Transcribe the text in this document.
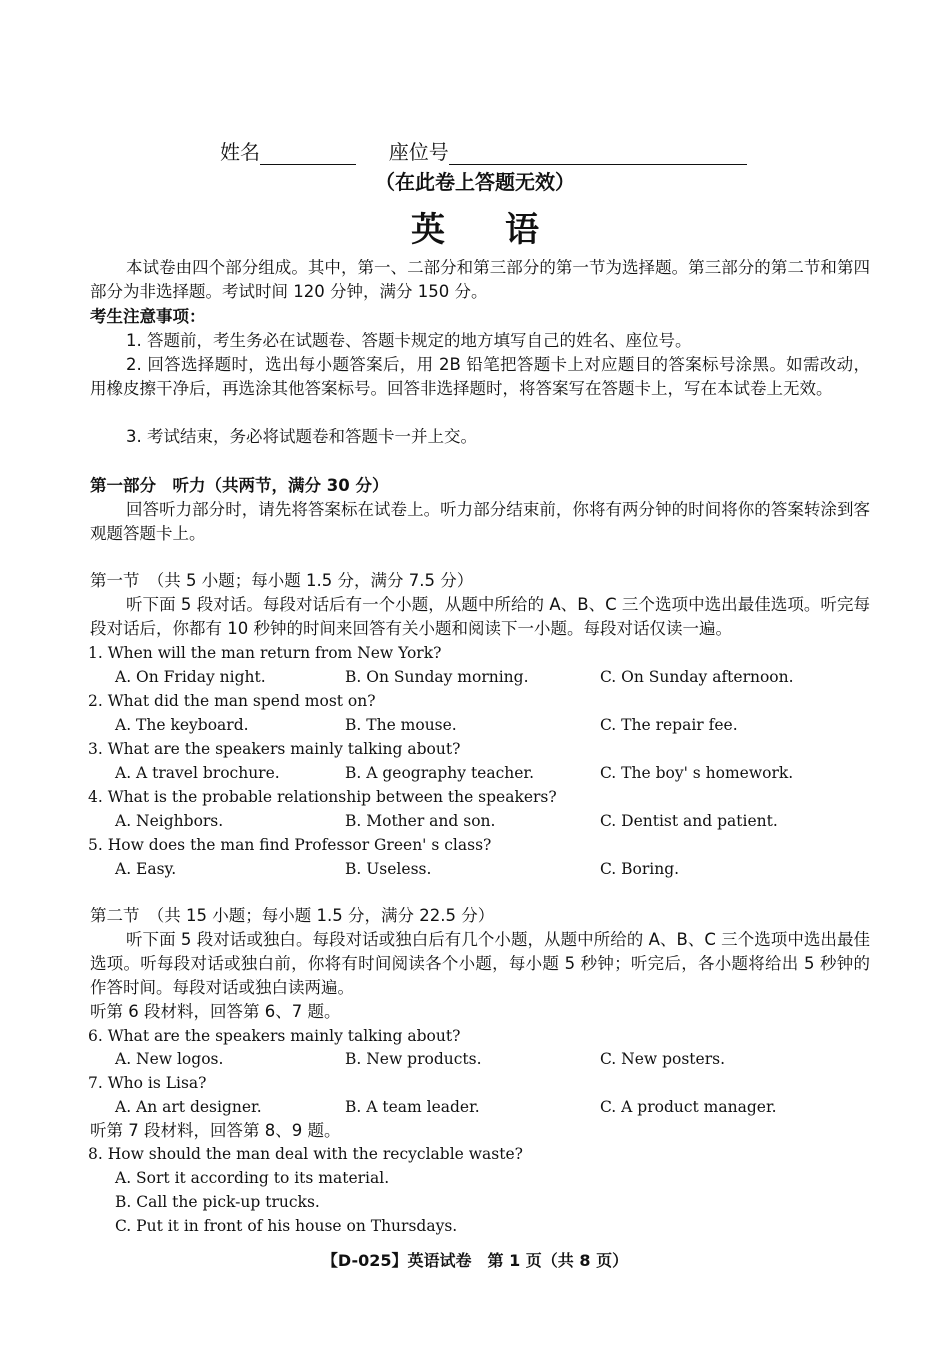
姓名	座位号
（在此卷上答题无效）
英语
本试卷由四个部分组成。其中，第一、二部分和第三部分的第一节为选择题。第三部分的第二节和第四部分为非选择题。考试时间 120 分钟，满分 150 分。
考生注意事项：
1. 答题前，考生务必在试题卷、答题卡规定的地方填写自己的姓名、座位号。
2. 回答选择题时，选出每小题答案后，用 2B 铅笔把答题卡上对应题目的答案标号涂黑。如需改动，用橡皮擦干净后，再选涂其他答案标号。回答非选择题时，将答案写在答题卡上，写在本试卷上无效。
3. 考试结束，务必将试题卷和答题卡一并上交。
第一部分　听力（共两节，满分 30 分）
回答听力部分时，请先将答案标在试卷上。听力部分结束前，你将有两分钟的时间将你的答案转涂到客观题答题卡上。
第一节　（共 5 小题；每小题 1.5 分，满分 7.5 分）
听下面 5 段对话。每段对话后有一个小题，从题中所给的 A、B、C 三个选项中选出最佳选项。听完每段对话后，你都有 10 秒钟的时间来回答有关小题和阅读下一小题。每段对话仅读一遍。
1. When will the man return from New York?
A. On Friday night.	B. On Sunday morning.	C. On Sunday afternoon.
2. What did the man spend most on?
A. The keyboard.	B. The mouse.	C. The repair fee.
3. What are the speakers mainly talking about?
A. A travel brochure.	B. A geography teacher.	C. The boy' s homework.
4. What is the probable relationship between the speakers?
A. Neighbors.	B. Mother and son.	C. Dentist and patient.
5. How does the man find Professor Green' s class?
A. Easy.	B. Useless.	C. Boring.
第二节　（共 15 小题；每小题 1.5 分，满分 22.5 分）
听下面 5 段对话或独白。每段对话或独白后有几个小题，从题中所给的 A、B、C 三个选项中选出最佳选项。听每段对话或独白前，你将有时间阅读各个小题，每小题 5 秒钟；听完后，各小题将给出 5 秒钟的作答时间。每段对话或独白读两遍。
听第 6 段材料，回答第 6、7 题。
6. What are the speakers mainly talking about?
A. New logos.	B. New products.	C. New posters.
7. Who is Lisa?
A. An art designer.	B. A team leader.	C. A product manager.
听第 7 段材料，回答第 8、9 题。
8. How should the man deal with the recyclable waste?
A. Sort it according to its material.
B. Call the pick-up trucks.
C. Put it in front of his house on Thursdays.
【D-025】英语试卷　第 1 页（共 8 页）
